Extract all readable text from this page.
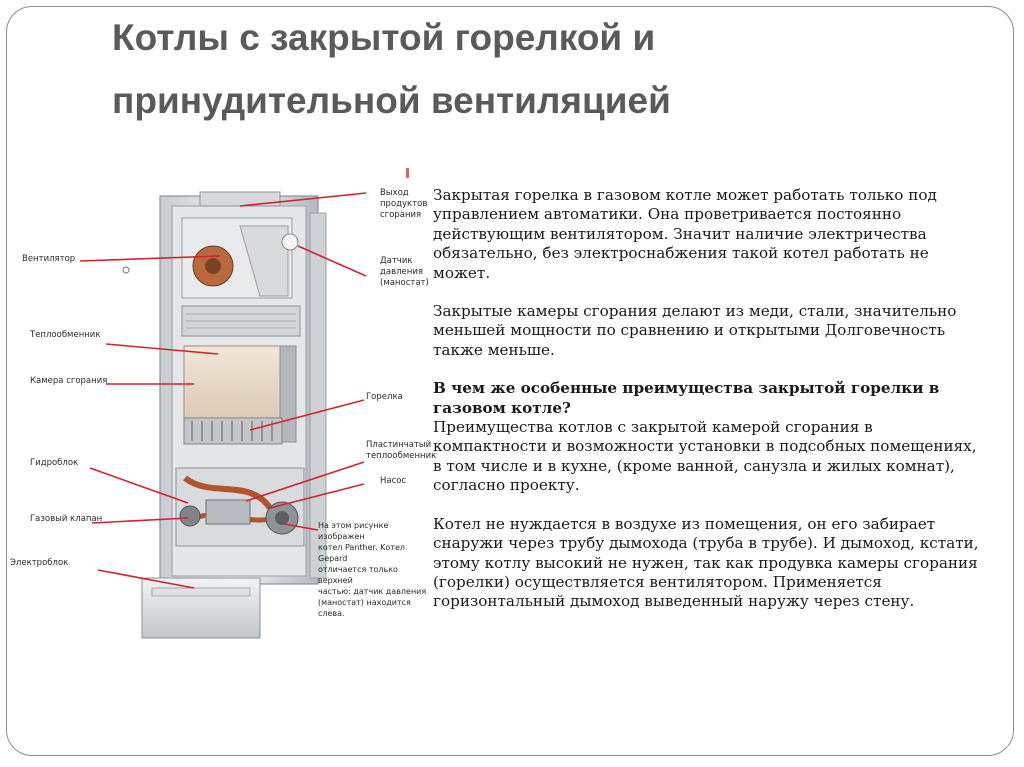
Котлы с закрытой горелкой и
принудительной вентиляцией
Выход
продуктов
сгорания
Вентилятор	Датчик
давления
(маностат)
Теплообменник
Камера сгорания
Горелка
Пластинчатый
теплообменник
Насос
Гидроблок
Газовый клапан
Электроблок
На этом рисунке изображен
котел Panther. Kотел Gepard
отличается только верхней
частью: датчик давления
(маностат) находится слева.

Закрытая горелка в газовом котле может работать только под управлением автоматики. Она проветривается постоянно действующим вентилятором. Значит наличие электричества обязательно, без электроснабжения такой котел работать не может.

Закрытые камеры сгорания делают из меди, стали, значительно меньшей мощности по сравнению и открытыми Долговечность также меньше.

В чем же особенные преимущества закрытой горелки в газовом котле?
Преимущества котлов с закрытой камерой сгорания в компактности и возможности установки в подсобных помещениях, в том числе и в кухне, (кроме ванной, санузла и жилых комнат), согласно проекту.

Котел не нуждается в воздухе из помещения, он его забирает снаружи через трубу дымохода (труба в трубе). И дымоход, кстати, этому котлу высокий не нужен, так как продувка камеры сгорания (горелки) осуществляется вентилятором. Применяется горизонтальный дымоход выведенный наружу через стену.
